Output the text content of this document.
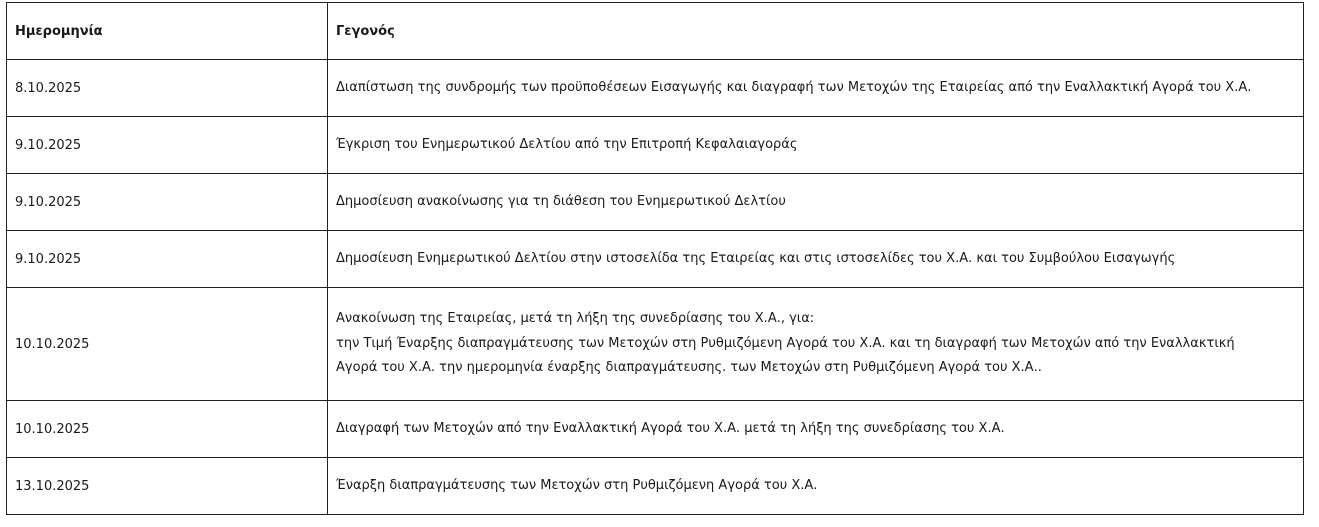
Ημερομηνία	Γεγονός
8.10.2025	Διαπίστωση της συνδρομής των προϋποθέσεων Εισαγωγής και διαγραφή των Μετοχών της Εταιρείας από την Εναλλακτική Αγορά του Χ.Α.

9.10.2025	Έγκριση του Ενημερωτικού Δελτίου από την Επιτροπή Κεφαλαιαγοράς

9.10.2025	Δημοσίευση ανακοίνωσης για τη διάθεση του Ενημερωτικού Δελτίου

9.10.2025	Δημοσίευση Ενημερωτικού Δελτίου στην ιστοσελίδα της Εταιρείας και στις ιστοσελίδες του Χ.Α. και του Συμβούλου Εισαγωγής

10.10.2025	Ανακοίνωση της Εταιρείας, μετά τη λήξη της συνεδρίασης του Χ.Α., για:
την Τιμή Έναρξης διαπραγμάτευσης των Μετοχών στη Ρυθμιζόμενη Αγορά του Χ.Α. και τη διαγραφή των Μετοχών από την Εναλλακτική
Αγορά του Χ.Α. την ημερομηνία έναρξης διαπραγμάτευσης. των Μετοχών στη Ρυθμιζόμενη Αγορά του Χ.Α..

10.10.2025	Διαγραφή των Μετοχών από την Εναλλακτική Αγορά του Χ.Α. μετά τη λήξη της συνεδρίασης του Χ.Α.

13.10.2025	Έναρξη διαπραγμάτευσης των Μετοχών στη Ρυθμιζόμενη Αγορά του Χ.Α.
